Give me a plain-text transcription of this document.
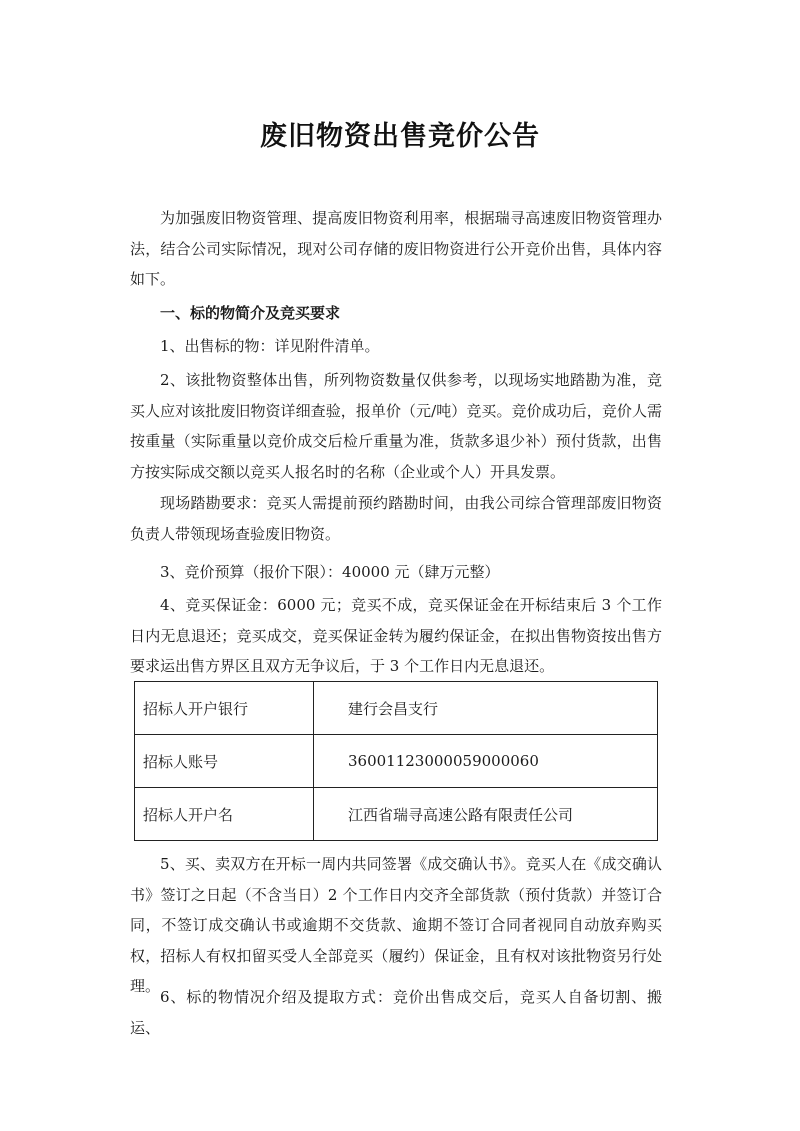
废旧物资出售竞价公告

为加强废旧物资管理、提高废旧物资利用率，根据瑞寻高速废旧物资管理办法，结合公司实际情况，现对公司存储的废旧物资进行公开竞价出售，具体内容如下。

一、标的物简介及竞买要求

1、出售标的物：详见附件清单。

2、该批物资整体出售，所列物资数量仅供参考，以现场实地踏勘为准，竞买人应对该批废旧物资详细查验，报单价（元/吨）竞买。竞价成功后，竞价人需按重量（实际重量以竞价成交后检斤重量为准，货款多退少补）预付货款，出售方按实际成交额以竞买人报名时的名称（企业或个人）开具发票。

现场踏勘要求：竞买人需提前预约踏勘时间，由我公司综合管理部废旧物资负责人带领现场查验废旧物资。

3、竞价预算（报价下限）：40000 元（肆万元整）

4、竞买保证金：6000 元；竞买不成，竞买保证金在开标结束后 3 个工作日内无息退还；竞买成交，竞买保证金转为履约保证金，在拟出售物资按出售方要求运出售方界区且双方无争议后，于 3 个工作日内无息退还。

招标人开户银行	建行会昌支行
招标人账号	36001123000059000060
招标人开户名	江西省瑞寻高速公路有限责任公司

5、买、卖双方在开标一周内共同签署《成交确认书》。竞买人在《成交确认书》签订之日起（不含当日）2 个工作日内交齐全部货款（预付货款）并签订合同，不签订成交确认书或逾期不交货款、逾期不签订合同者视同自动放弃购买权，招标人有权扣留买受人全部竞买（履约）保证金，且有权对该批物资另行处理。

6、标的物情况介绍及提取方式：竞价出售成交后，竞买人自备切割、搬运、
